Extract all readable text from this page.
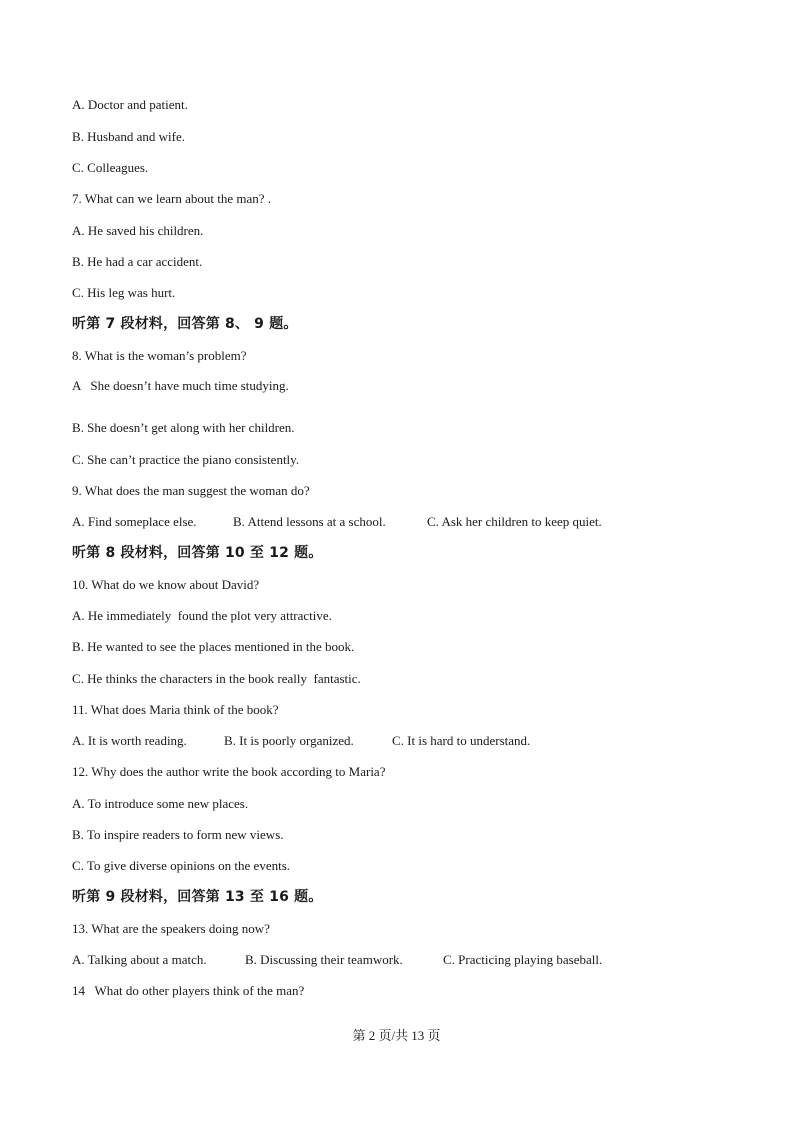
A. Doctor and patient.
B. Husband and wife.
C. Colleagues.
7. What can we learn about the man? .
A. He saved his children.
B. He had a car accident.
C. His leg was hurt.
听第 7 段材料，回答第 8、 9 题。
8. What is the woman’s problem?
A   She doesn’t have much time studying.
B. She doesn’t get along with her children.
C. She can’t practice the piano consistently.
9. What does the man suggest the woman do?

A. Find someplace else.

	B. Attend lessons at a school.

	C. Ask her children to keep quiet.

听第 8 段材料，回答第 10 至 12 题。
10. What do we know about David?
A. He immediately  found the plot very attractive.
B. He wanted to see the places mentioned in the book.
C. He thinks the characters in the book really  fantastic.
11. What does Maria think of the book?

A. It is worth reading.

	B. It is poorly organized.

	C. It is hard to understand.

12. Why does the author write the book according to Maria?
A. To introduce some new places.
B. To inspire readers to form new views.
C. To give diverse opinions on the events.
听第 9 段材料，回答第 13 至 16 题。
13. What are the speakers doing now?

A. Talking about a match.

	B. Discussing their teamwork.

	C. Practicing playing baseball.

14   What do other players think of the man?
第 2 页/共 13 页
